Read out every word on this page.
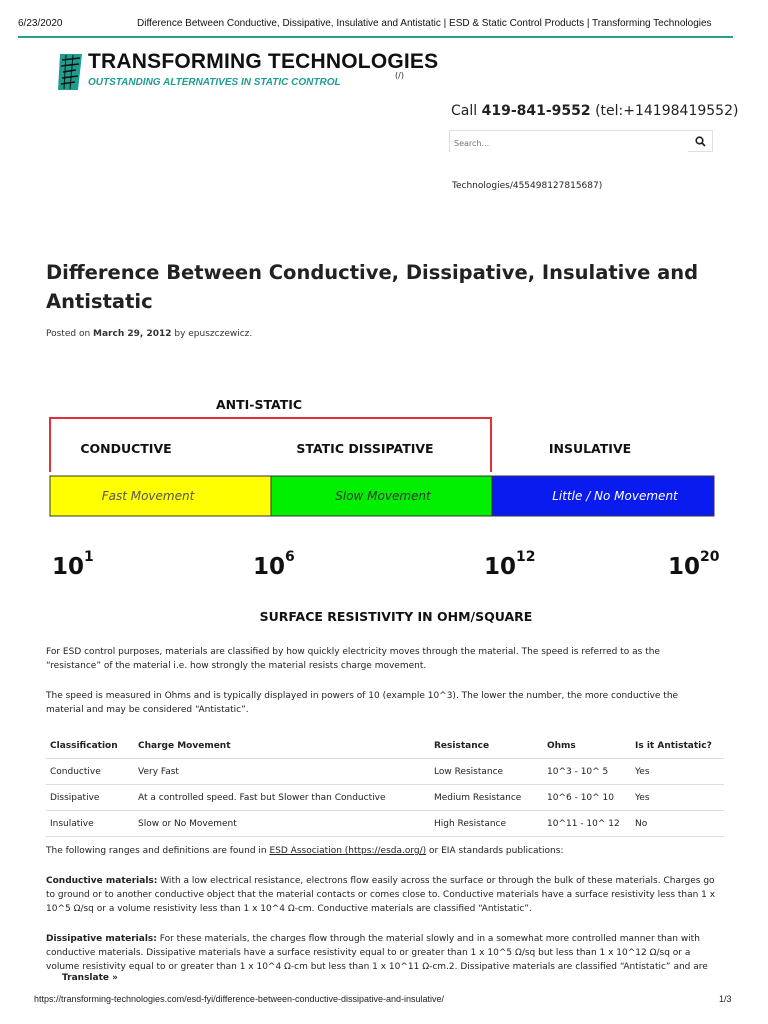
6/23/2020	Difference Between Conductive, Dissipative, Insulative and Antistatic | ESD & Static Control Products | Transforming Technologies
TRANSFORMING TECHNOLOGIES
OUTSTANDING ALTERNATIVES IN STATIC CONTROL
(/)
Call 419-841-9552 (tel:+14198419552)
Search...
Technologies/455498127815687)
Difference Between Conductive, Dissipative, Insulative and Antistatic
Posted on March 29, 2012 by epuszczewicz.
ANTI-STATIC
CONDUCTIVE	STATIC DISSIPATIVE	INSULATIVE
Fast Movement	Slow Movement	Little / No Movement
$10^1$	$10^6$	$10^{12}$	$10^{20}$
SURFACE RESISTIVITY IN OHM/SQUARE
For ESD control purposes, materials are classified by how quickly electricity moves through the material. The speed is referred to as the “resistance” of the material i.e. how strongly the material resists charge movement.
The speed is measured in Ohms and is typically displayed in powers of 10 (example 10^3). The lower the number, the more conductive the material and may be considered “Antistatic”.
Classification	Charge Movement	Resistance	Ohms	Is it Antistatic?
Conductive	Very Fast	Low Resistance	10^3 - 10^ 5	Yes
Dissipative	At a controlled speed. Fast but Slower than Conductive	Medium Resistance	10^6 - 10^ 10	Yes
Insulative	Slow or No Movement	High Resistance	10^11 - 10^ 12	No
The following ranges and definitions are found in ESD Association (https://esda.org/) or EIA standards publications:
Conductive materials: With a low electrical resistance, electrons flow easily across the surface or through the bulk of these materials. Charges go to ground or to another conductive object that the material contacts or comes close to. Conductive materials have a surface resistivity less than 1 x 10^5 Ω/sq or a volume resistivity less than 1 x 10^4 Ω-cm. Conductive materials are classified “Antistatic”.
Dissipative materials: For these materials, the charges flow through the material slowly and in a somewhat more controlled manner than with conductive materials. Dissipative materials have a surface resistivity equal to or greater than 1 x 10^5 Ω/sq but less than 1 x 10^12 Ω/sq or a volume resistivity equal to or greater than 1 x 10^4 Ω-cm but less than 1 x 10^11 Ω-cm.2. Dissipative materials are classified “Antistatic” and are
Translate »
https://transforming-technologies.com/esd-fyi/difference-between-conductive-dissipative-and-insulative/	1/3
